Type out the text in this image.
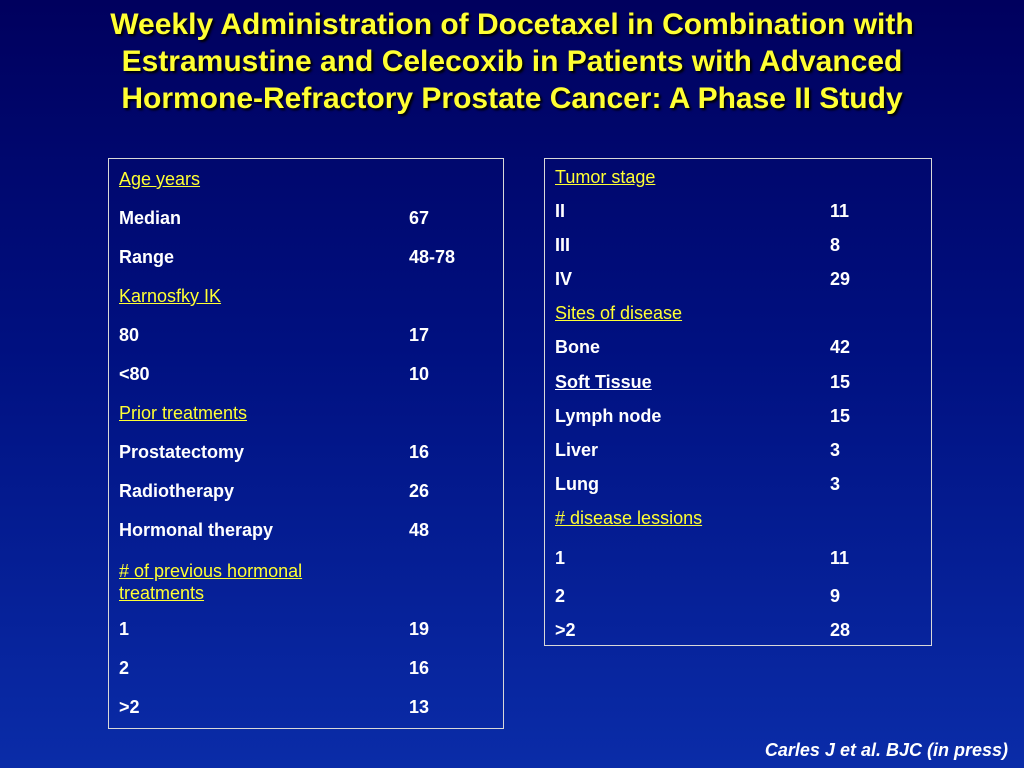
Weekly Administration of Docetaxel in Combination with
Estramustine and Celecoxib in Patients with Advanced
Hormone-Refractory Prostate Cancer: A Phase II Study
Age years
Median	67
Range	48-78
Karnosfky IK
80	17
<80	10
Prior treatments
Prostatectomy	16
Radiotherapy	26
Hormonal therapy	48
# of previous hormonal treatments
1	19
2	16
>2	13
Tumor stage
II	11
III	8
IV	29
Sites of disease
Bone	42
Soft Tissue	15
Lymph node	15
Liver	3
Lung	3
# disease lessions
1	11
2	9
>2	28
Carles J et al. BJC (in press)
